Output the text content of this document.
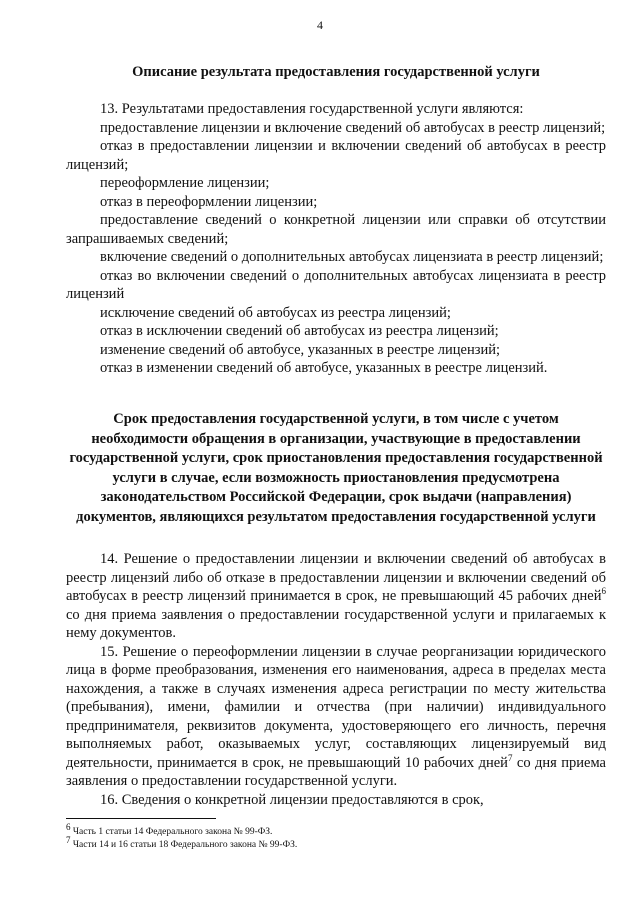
4
Описание результата предоставления государственной услуги

13. Результатами предоставления государственной услуги являются:

предоставление лицензии и включение сведений об автобусах в реестр лицензий;

отказ в предоставлении лицензии и включении сведений об автобусах в реестр лицензий;

переоформление лицензии;

отказ в переоформлении лицензии;

предоставление сведений о конкретной лицензии или справки об отсутствии запрашиваемых сведений;

включение сведений о дополнительных автобусах лицензиата в реестр лицензий;

отказ во включении сведений о дополнительных автобусах лицензиата в реестр лицензий

исключение сведений об автобусах из реестра лицензий;

отказ в исключении сведений об автобусах из реестра лицензий;

изменение сведений об автобусе, указанных в реестре лицензий;

отказ в изменении сведений об автобусе, указанных в реестре лицензий.

Срок предоставления государственной услуги, в том числе с учетом необходимости обращения в организации, участвующие в предоставлении государственной услуги, срок приостановления предоставления государственной услуги в случае, если возможность приостановления предусмотрена законодательством Российской Федерации, срок выдачи (направления) документов, являющихся результатом предоставления государственной услуги

14. Решение о предоставлении лицензии и включении сведений об автобусах в реестр лицензий либо об отказе в предоставлении лицензии и включении сведений об автобусах в реестр лицензий принимается в срок, не превышающий 45 рабочих дней$^6$ со дня приема заявления о предоставлении государственной услуги и прилагаемых к нему документов.

15. Решение о переоформлении лицензии в случае реорганизации юридического лица в форме преобразования, изменения его наименования, адреса в пределах места нахождения, а также в случаях изменения адреса регистрации по месту жительства (пребывания), имени, фамилии и отчества (при наличии) индивидуального предпринимателя, реквизитов документа, удостоверяющего его личность, перечня выполняемых работ, оказываемых услуг, составляющих лицензируемый вид деятельности, принимается в срок, не превышающий 10 рабочих дней$^7$ со дня приема заявления о предоставлении государственной услуги.

16. Сведения о конкретной лицензии предоставляются в срок,

$^6$ Часть 1 статьи 14 Федерального закона № 99-ФЗ.

$^7$ Части 14 и 16 статьи 18 Федерального закона № 99-ФЗ.
